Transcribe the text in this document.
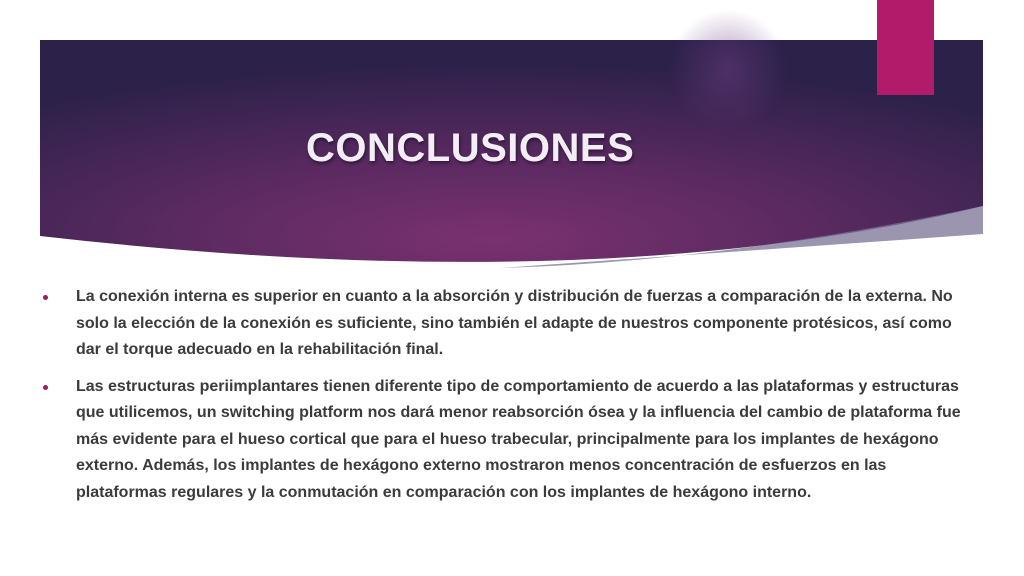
CONCLUSIONES
La conexión interna es superior en cuanto a la absorción y distribución de fuerzas a comparación de la externa. No solo la elección de la conexión es suficiente, sino también el adapte de nuestros componente protésicos, así como dar el torque adecuado en la rehabilitación final.
Las estructuras periimplantares tienen diferente tipo de comportamiento de acuerdo a las plataformas y estructuras que utilicemos, un switching platform nos dará menor reabsorción ósea y la influencia del cambio de plataforma fue más evidente para el hueso cortical que para el hueso trabecular, principalmente para los implantes de hexágono externo. Además, los implantes de hexágono externo mostraron menos concentración de esfuerzos en las plataformas regulares y la conmutación en comparación con los implantes de hexágono interno.
